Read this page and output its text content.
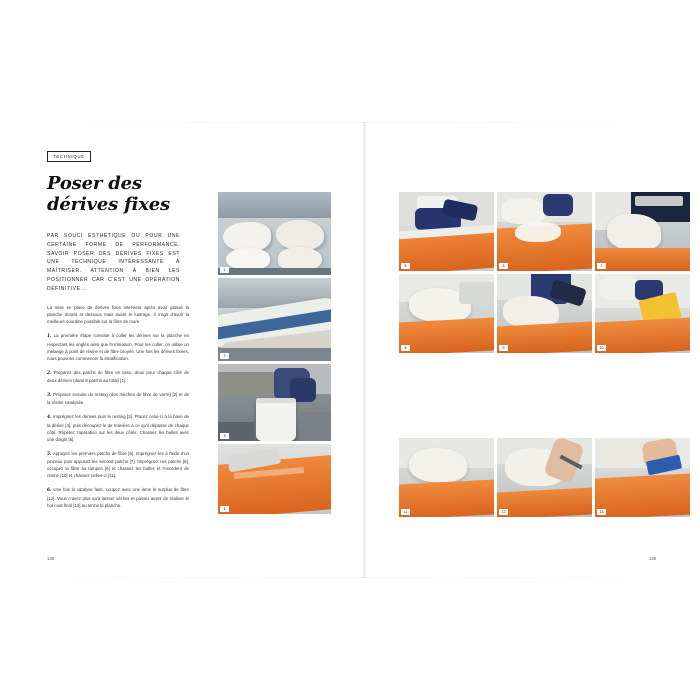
TECHNIQUE
Poser des
dérives fixes
PAR SOUCI ESTHÉTIQUE OU POUR UNE CERTAINE FORME DE PERFORMANCE, SAVOIR POSER DES DÉRIVES FIXES EST UNE TECHNIQUE INTÉRESSANTE À MAÎTRISER. ATTENTION À BIEN LES POSITIONNER CAR C'EST UNE OPÉRATION DÉFINITIVE…

La mise en place de dérives fixes intervient après avoir glassé la planche durant et dessous mais avant le lustrage. Il s'agit d'avoir la meilleure sourdine possible sur la fibre de mure.

1. La première étape consiste à coller les dérives sur la planche en respectant les angles ainsi que l'inclinaison. Pour les coller, on utilise un mélange à point de résine et de fibre broyée. Une fois les dérives fixées, nous pouvons commencer la stratification.

2. Préparez des patchs de fibre en tissu, deux pour chaque côté de deux dérives (dans 8 patchs au total) [1].

3. Préparez ensuite du resting (des mèches de fibre de verre) [2] et de la résine catalysée.

4. Imprégnez les dérives puis le resting [3]. Placez celui-ci à la base de la dérive [4], puis découpez-le de manière à ce qu'il dépasse de chaque côté. Répétez l'opération sur les deux côtés. Chassez les bulles avec une doigts [5].

5. Appuyez les premiers patchs de fibre [6]. Imprégnez-les à l'aide d'un pinceau puis apposez les second patchs [7]. Imprégnez ces patchs [8], occupez la fibre au tampon [9] et chassez les bulles et l'excédent de résine [10] et chassez celles-ci [11].

6. Une fois la catalyse faite, coupez avec une lame le surplus de fibre [12]. Vous n'avez plus qu'à laisser sécher et passer avant de réaliser le hot coat final [13] au terme la planche.

148
1
2
3
4
5	6	7
8	9	10
11	12	13
149
